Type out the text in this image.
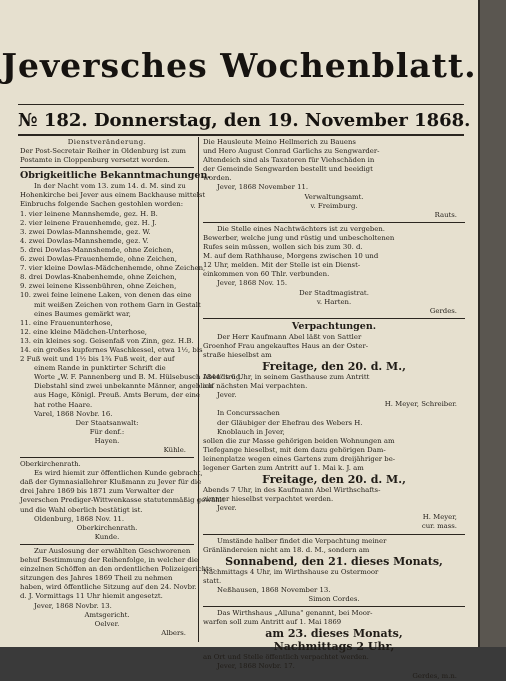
Jeversches Wochenblatt.
№ 182. Donnerstag, den 19. November 1868.

Dienstveränderung.

Der Post-Secretair Reiher in Oldenburg ist zum

Postamte in Cloppenburg versetzt worden.

Obrigkeitliche Bekanntmachungen.

In der Nacht vom 13. zum 14. d. M. sind zu

Hohenkirche bei Jever aus einem Backhause mittelst

Einbruchs folgende Sachen gestohlen worden:

1. vier leinene Mannshemde, gez. H. B.

2. vier leinene Frauenhemde, gez. H. J.

3. zwei Dowlas-Mannshemde, gez. W.

4. zwei Dowlas-Mannshemde, gez. V.

5. drei Dowlas-Mannshemde, ohne Zeichen,

6. zwei Dowlas-Frauenhemde, ohne Zeichen,

7. vier kleine Dowlas-Mädchenhemde, ohne Zeichen,

8. drei Dowlas-Knabenhemde, ohne Zeichen,

9. zwei leinene Kissenbühren, ohne Zeichen,

10. zwei feine leinene Laken, von denen das eine

mit weißen Zeichen von rothem Garn in Gestalt

eines Baumes gemärkt war,

11. eine Frauenunterhose,

12. eine kleine Mädchen-Unterhose,

13. ein kleines sog. Geisenfaß von Zinn, gez. H.B.

14. ein großes kupfernes Waschkessel, etwa 1½, bis

2 Fuß weit und 1½ bis 1¾ Fuß weit, der auf

einem Rande in punktirter Schrift die

Worte „W. F. Pannenberg und B. M. Hülsebusch 1844" trug.

Diebstahl sind zwei unbekannte Männer, angeblich

aus Hage, Königl. Preuß. Amts Berum, der eine

hat rothe Haare.

Varel, 1868 Novbr. 16.

Der Staatsanwalt:

Für denf.:

Hayen.

Kühle.

Oberkirchenrath.

Es wird hiemit zur öffentlichen Kunde gebracht,

daß der Gymnasiallehrer Klußmann zu Jever für die

drei Jahre 1869 bis 1871 zum Verwalter der

Jeverschen Prediger-Wittwenkasse statutenmäßig gewählt

und die Wahl oberlich bestätigt ist.

Oldenburg, 1868 Nov. 11.

Oberkirchenrath.

Kunde.

Zur Auslosung der erwählten Geschworenen

behuf Bestimmung der Reihenfolge, in welcher die

einzelnen Schöffen an den ordentlichen Polizeigerichts-

sitzungen des Jahres 1869 Theil zu nehmen

haben, wird öffentliche Sitzung auf den 24. Novbr.

d. J. Vormittags 11 Uhr hiemit angesetzt.

Jever, 1868 Novbr. 13.

Amtsgericht.

Oelver.

Albers.

Die Hausleute Meino Hellmerich zu Bauens

und Hero August Conrad Garlichs zu Sengwarder-

Altendeich sind als Taxatoren für Viehschäden in

der Gemeinde Sengwarden bestellt und beeidigt

worden.

Jever, 1868 November 11.

Verwaltungsamt.

v. Freimburg.

Rauts.

Die Stelle eines Nachtwächters ist zu vergeben.

Bewerber, welche jung und rüstig und unbescholtenen

Rufes sein müssen, wollen sich bis zum 30. d.

M. auf dem Rathhause, Morgens zwischen 10 und

12 Uhr, melden. Mit der Stelle ist ein Dienst-

einkommen von 60 Thlr. verbunden.

Jever, 1868 Nov. 15.

Der Stadtmagistrat.

v. Harten.

Gerdes.

Verpachtungen.

Der Herr Kaufmann Abel läßt von Sattler

Groenhof Frau angekauftes Haus an der Oster-

straße hieselbst am

Freitage, den 20. d. M.,

Abends 6 Uhr, in seinem Gasthause zum Antritt

auf nächsten Mai verpachten.

Jever.

H. Meyer, Schreiber.

In Concurssachen

der Gläubiger der Ehefrau des Webers H.

Knoblauch in Jever,

sollen die zur Masse gehörigen beiden Wohnungen am

Tiefegange hieselbst, mit dem dazu gehörigen Dam-

leinenplatze wegen eines Gartens zum dreijähriger be-

legener Garten zum Antritt auf 1. Mai k. J. am

Freitage, den 20. d. M.,

Abends 7 Uhr, in des Kaufmann Abel Wirthschafts-

zimmer hieselbst verpachtet werden.

Jever.

H. Meyer,

cur. mass.

Umstände halber findet die Verpachtung meiner

Gränländereien nicht am 18. d. M., sondern am

Sonnabend, den 21. dieses Monats,

Nachmittags 4 Uhr, im Wirthshause zu Ostermoor

statt.

Neßhausen, 1868 November 13.

Simon Cordes.

Das Wirthshaus „Alluna" genannt, bei Moor-

warfen soll zum Antritt auf 1. Mai 1869

am 23. dieses Monats,

Nachmittags 2 Uhr,

an Ort und Stelle öffentlich verpachtet werden.

Jever, 1868 Novbr. 17.

Gerdes, m.n.
